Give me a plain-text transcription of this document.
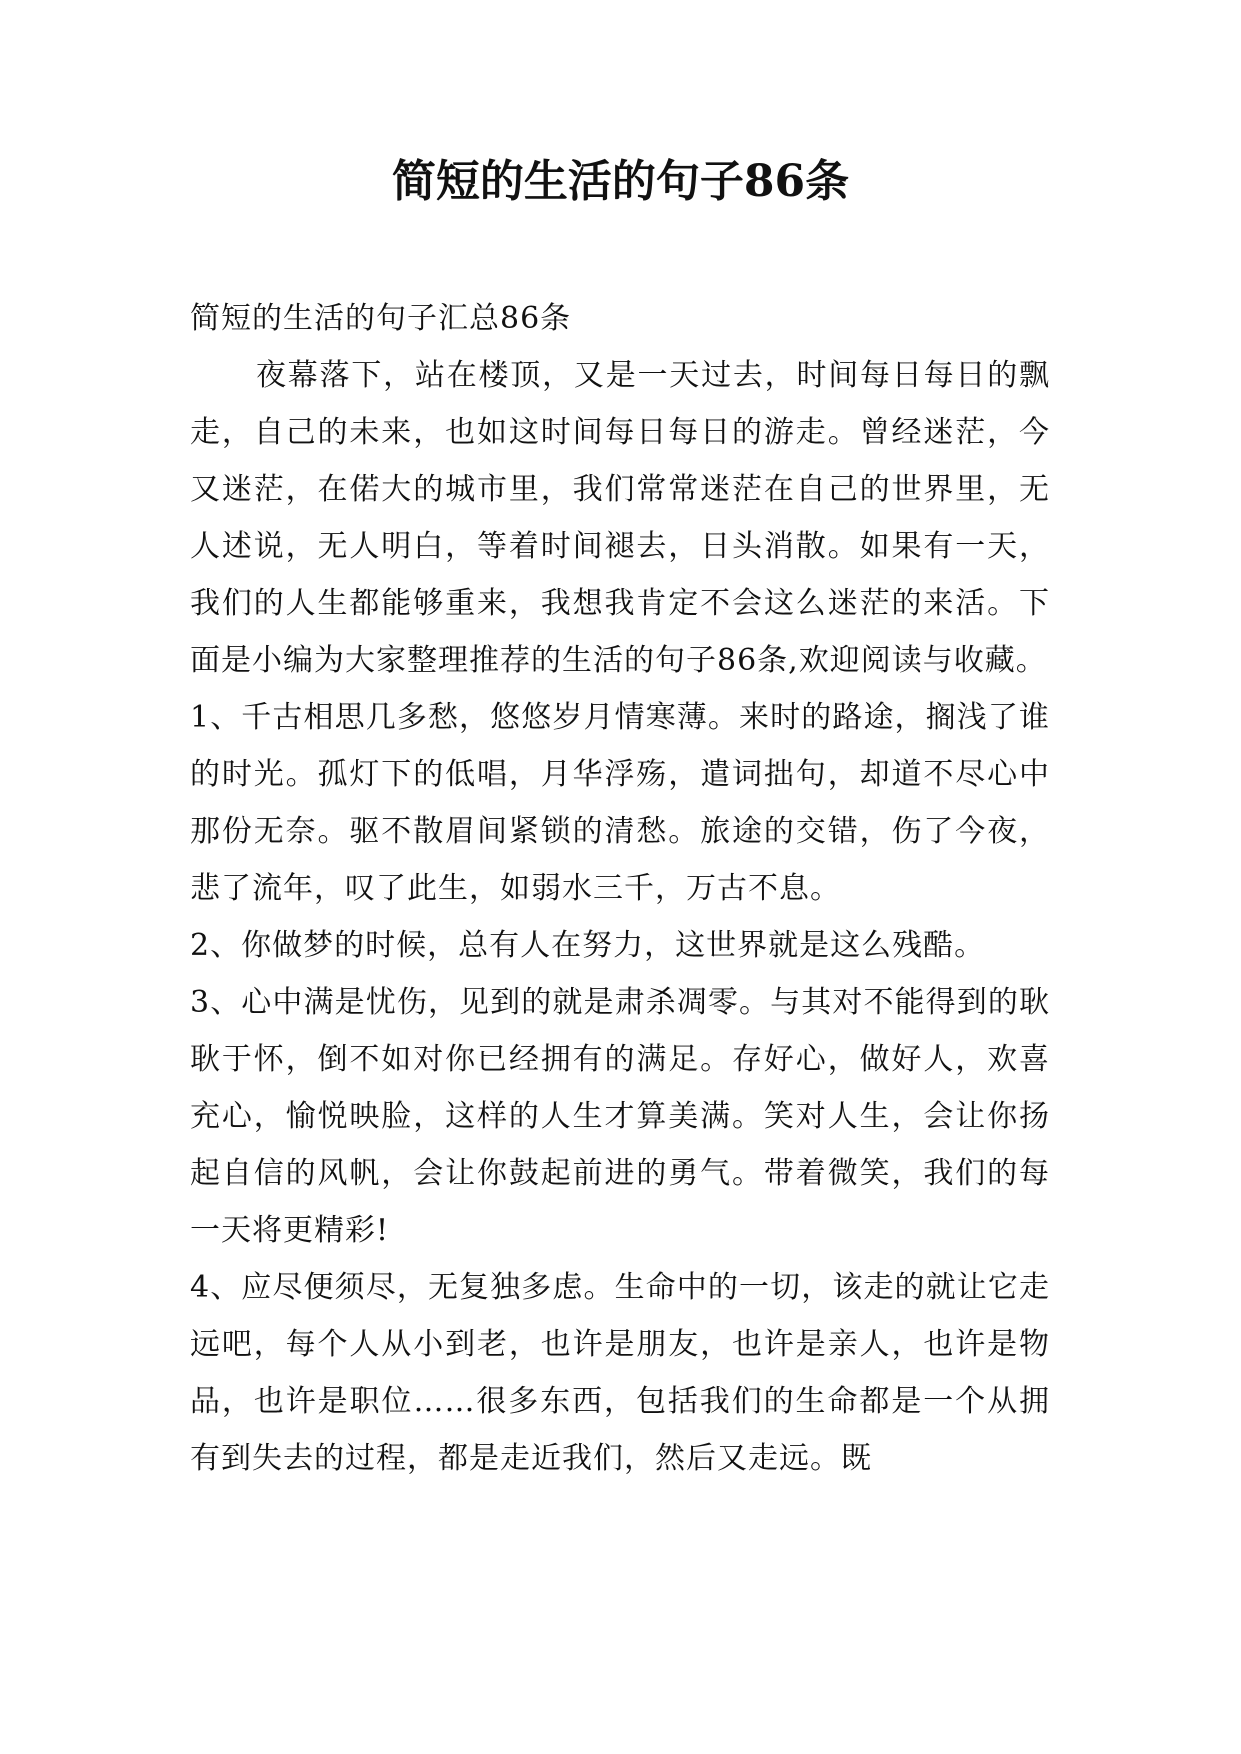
简短的生活的句子86条

简短的生活的句子汇总86条

夜幕落下，站在楼顶，又是一天过去，时间每日每日的飘走，自己的未来，也如这时间每日每日的游走。曾经迷茫，今又迷茫，在偌大的城市里，我们常常迷茫在自己的世界里，无人述说，无人明白，等着时间褪去，日头消散。如果有一天，我们的人生都能够重来，我想我肯定不会这么迷茫的来活。下面是小编为大家整理推荐的生活的句子86条,欢迎阅读与收藏。

1、千古相思几多愁，悠悠岁月情寒薄。来时的路途，搁浅了谁的时光。孤灯下的低唱，月华浮殇，遣词拙句，却道不尽心中那份无奈。驱不散眉间紧锁的清愁。旅途的交错，伤了今夜，悲了流年，叹了此生，如弱水三千，万古不息。

2、你做梦的时候，总有人在努力，这世界就是这么残酷。

3、心中满是忧伤，见到的就是肃杀凋零。与其对不能得到的耿耿于怀，倒不如对你已经拥有的满足。存好心，做好人，欢喜充心，愉悦映脸，这样的人生才算美满。笑对人生，会让你扬起自信的风帆，会让你鼓起前进的勇气。带着微笑，我们的每一天将更精彩!

4、应尽便须尽，无复独多虑。生命中的一切，该走的就让它走远吧，每个人从小到老，也许是朋友，也许是亲人，也许是物品，也许是职位……很多东西，包括我们的生命都是一个从拥有到失去的过程，都是走近我们，然后又走远。既
